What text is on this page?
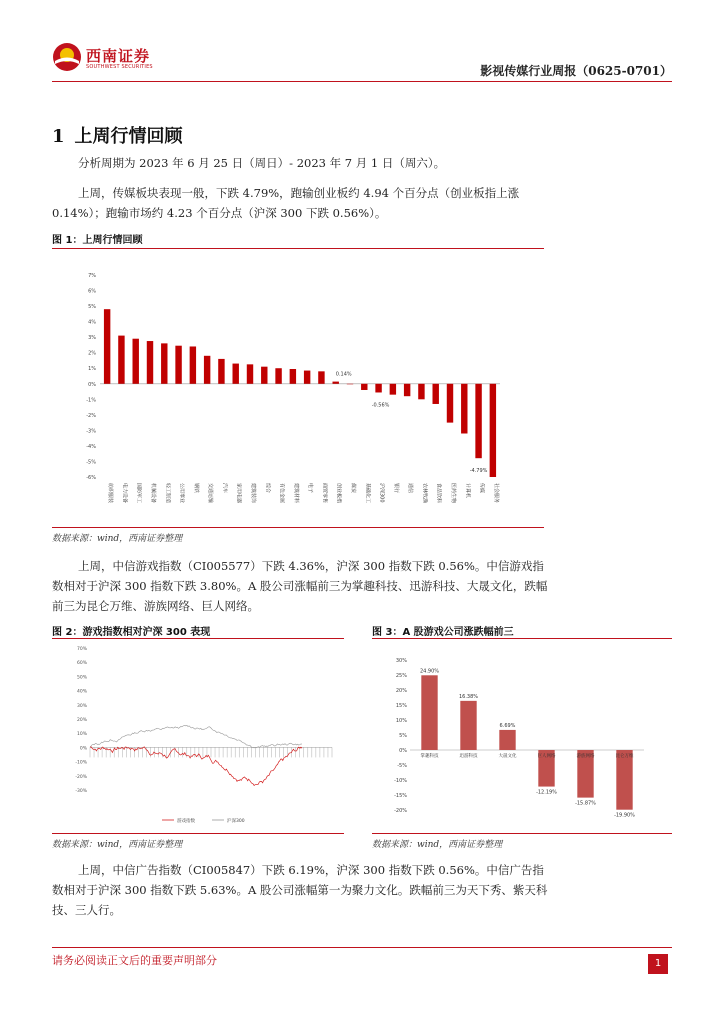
西南证券
SOUTHWEST SECURITIES	影视传媒行业周报（0625-0701）
1 上周行情回顾
分析周期为 2023 年 6 月 25 日（周日）- 2023 年 7 月 1 日（周六）。
上周，传媒板块表现一般，下跌 4.79%，跑输创业板约 4.94 个百分点（创业板指上涨 0.14%）；跑输市场约 4.23 个百分点（沪深 300 下跌 0.56%）。
图 1：上周行情回顾
7%
6%
5%
4%
3%
2%
1%
0%
-1%
-2%
-3%
-4%
-5%
-6%
0.14%
-0.56%
-4.79%
纺织服装 电力设备 国防军工 机械设备 轻工制造 公用事业 钢铁 交通运输 汽车 家用电器 建筑装饰 综合 有色金属 建筑材料 电子 商贸零售 创业板指 煤炭 基础化工 沪深300 银行 通信 农林牧渔 食品饮料 医药生物 计算机 传媒 社会服务
数据来源：wind，西南证券整理
上周，中信游戏指数（CI005577）下跌 4.36%，沪深 300 指数下跌 0.56%。中信游戏指数相对于沪深 300 指数下跌 3.80%。A 股公司涨幅前三为掌趣科技、迅游科技、大晟文化，跌幅前三为昆仑万维、游族网络、巨人网络。
图 2：游戏指数相对沪深 300 表现	图 3：A 股游戏公司涨跌幅前三
70%
60%
50%
40%
30%
20%
10%
0%
-10%
-20%
-30%
游戏指数	沪深300
30%
25%
20%
15%
10%
5%
0%
-5%
-10%
-15%
-20%
24.90%
16.38%
6.69%
-12.19%
-15.87%
-19.90%
掌趣科技	迅游科技	大晟文化	巨人网络	游族网络	昆仑万维
数据来源：wind，西南证券整理	数据来源：wind，西南证券整理
上周，中信广告指数（CI005847）下跌 6.19%，沪深 300 指数下跌 0.56%。中信广告指数相对于沪深 300 指数下跌 5.63%。A 股公司涨幅第一为聚力文化。跌幅前三为天下秀、紫天科技、三人行。
请务必阅读正文后的重要声明部分	1
